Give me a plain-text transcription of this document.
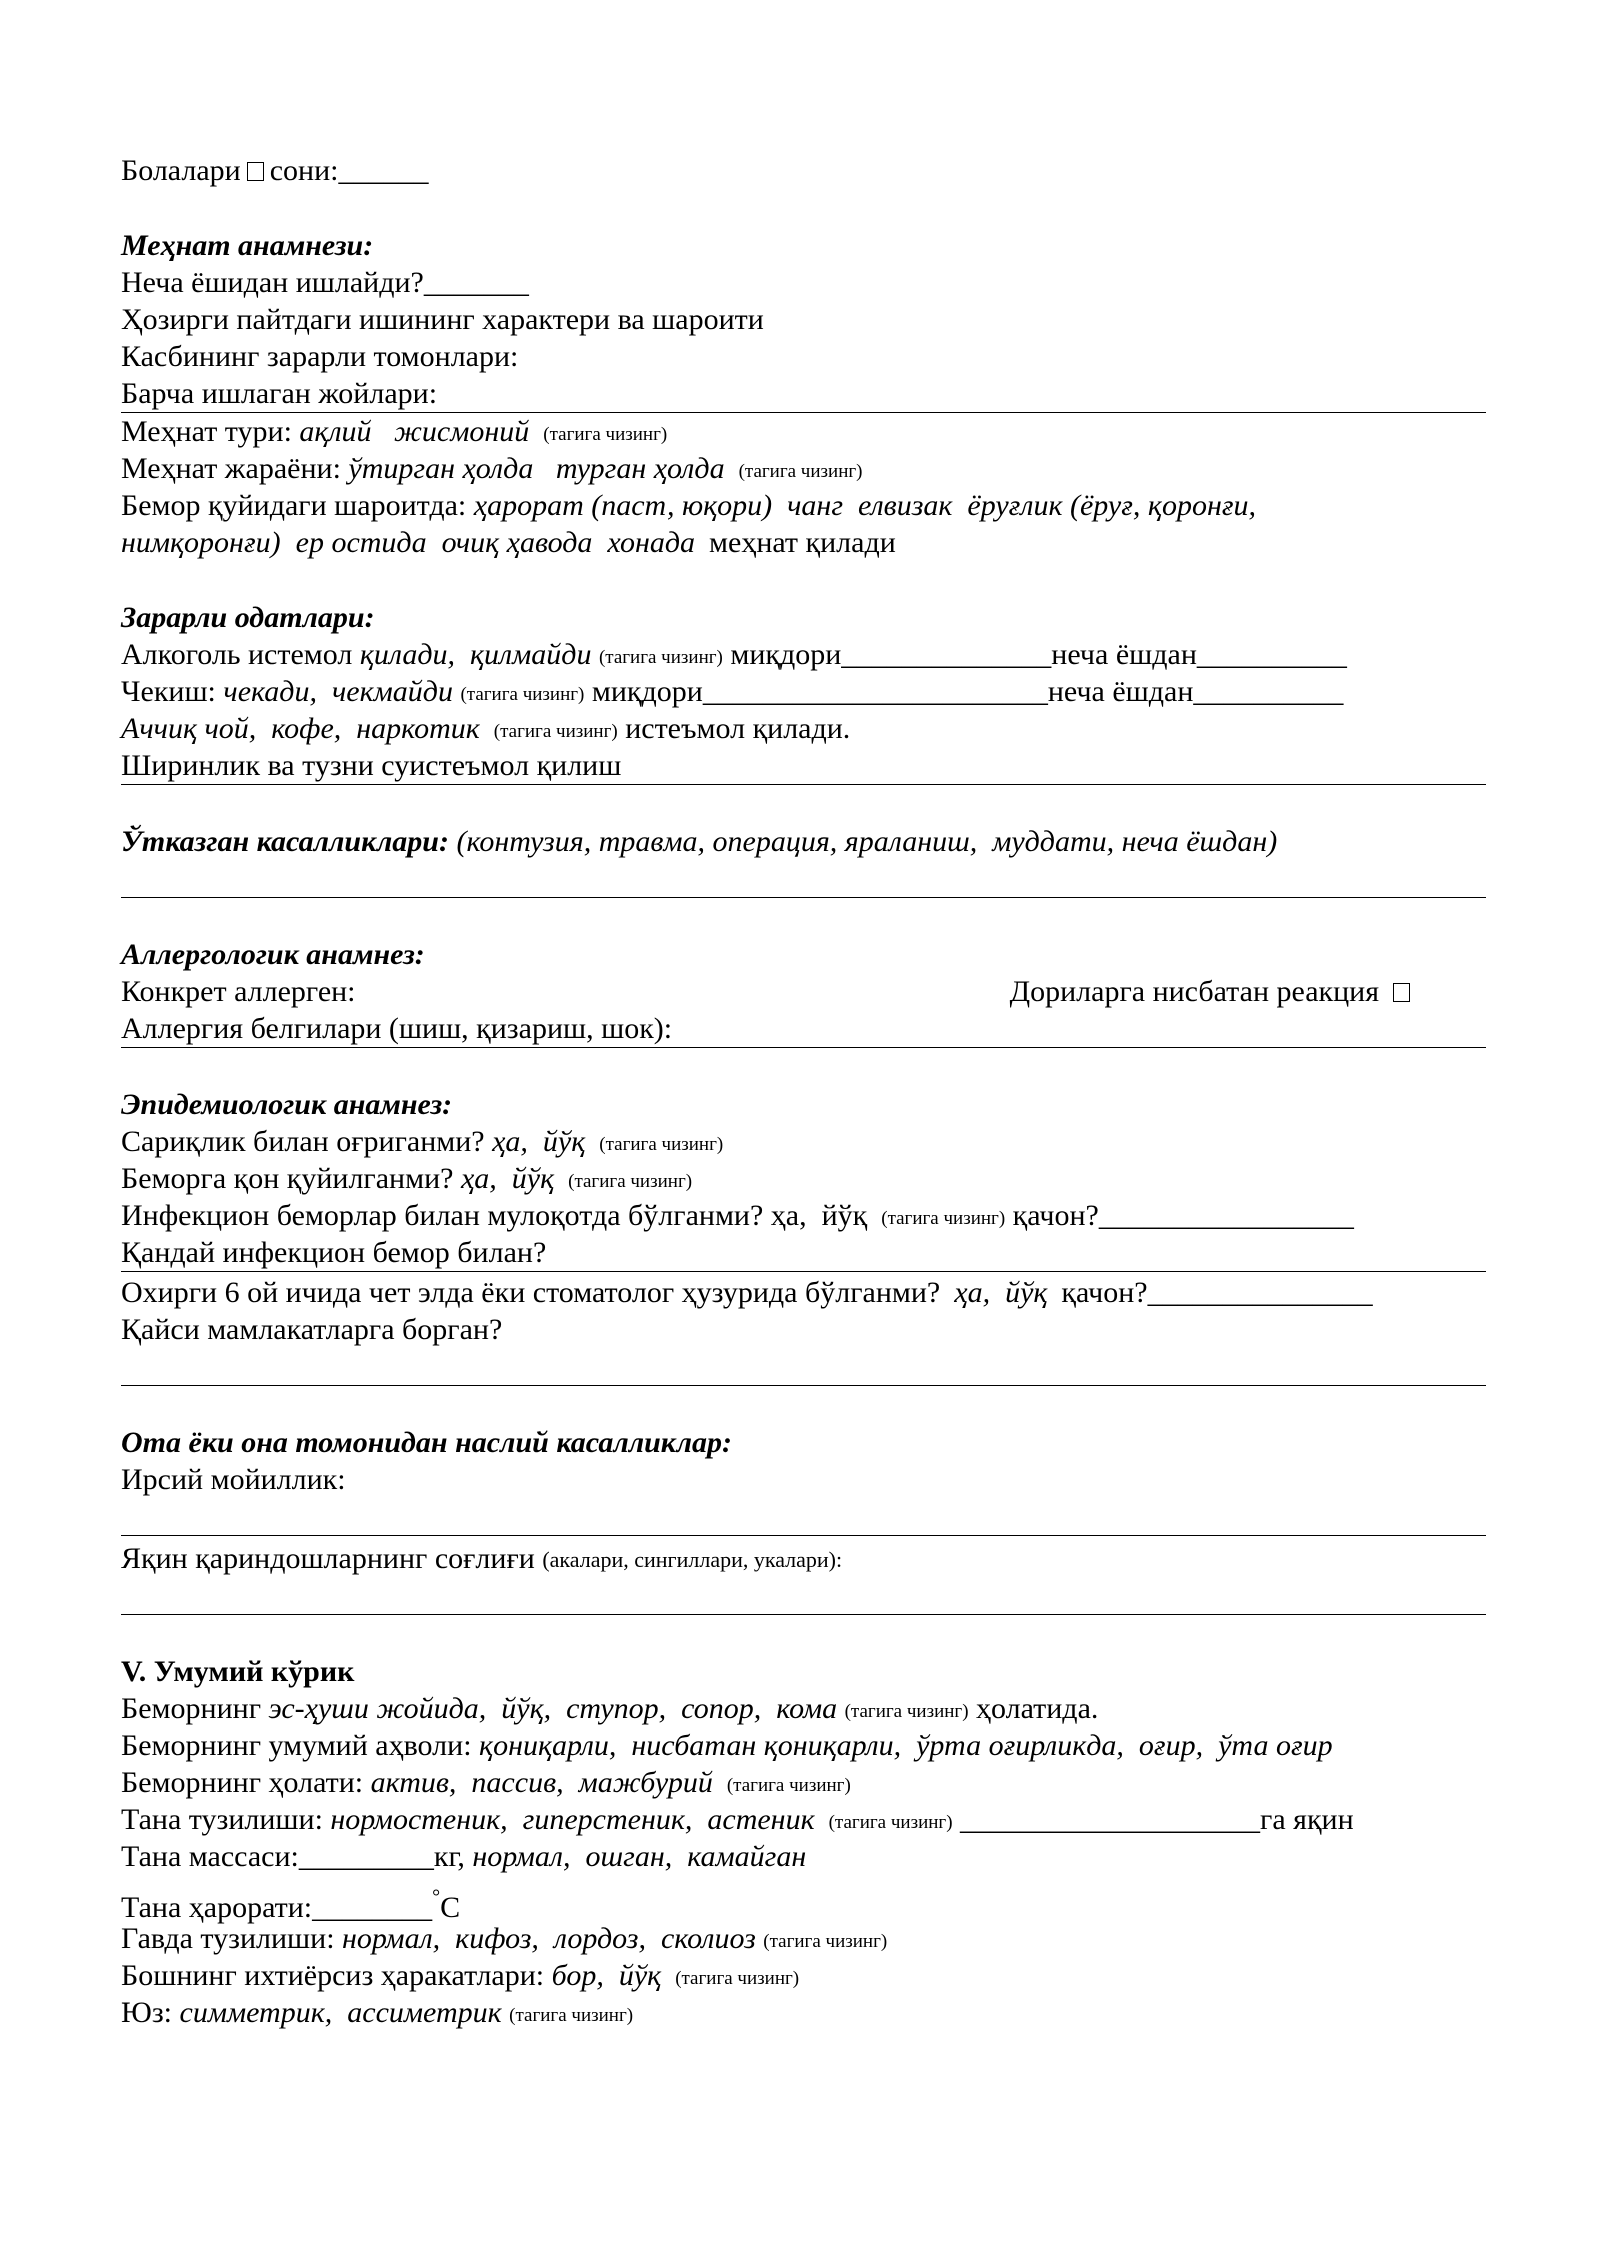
Болалари сони:______
Меҳнат анамнези:
Неча ёшидан ишлайди?_______
Ҳозирги пайтдаги ишининг характери ва шароити
Касбининг зарарли томонлари:
Барча ишлаган жойлари:
Меҳнат тури: ақлий   жисмоний (тагига чизинг)
Меҳнат жараёни: ўтирган ҳолда   турган ҳолда (тагига чизинг)
Бемор қуйидаги шароитда: ҳарорат (паст, юқори)  чанг  елвизак  ёруғлик (ёруғ, қоронғи,
нимқоронғи)  ер остида  очиқ ҳавода  хонада меҳнат қилади
Зарарли одатлари:
Алкоголь истемол қилади,  қилмайди (тагига чизинг) миқдори______________неча ёшдан__________
Чекиш: чекади,  чекмайди (тагига чизинг) миқдори_______________________неча ёшдан__________
Аччиқ чой,  кофе,  наркотик (тагига чизинг) истеъмол қилади.
Ширинлик ва тузни суистеъмол қилиш
Ўтказган касалликлари: (контузия, травма, операция, яраланиш,  муддати, неча ёшдан)
Аллергологик анамнез:
Конкрет аллерген:	Дориларга нисбатан реакция
Аллергия белгилари (шиш, қизариш, шок):
Эпидемиологик анамнез:
Сариқлик билан оғриганми? ҳа,  йўқ (тагига чизинг)
Беморга қон қуйилганми? ҳа,  йўқ (тагига чизинг)
Инфекцион беморлар билан мулоқотда бўлганми? ҳа,  йўқ (тагига чизинг) қачон?_________________
Қандай инфекцион бемор билан?
Охирги 6 ой ичида чет элда ёки стоматолог ҳузурида бўлганми? ҳа,  йўқ қачон?_______________
Қайси мамлакатларга борган?
Ота ёки она томонидан наслий касалликлар:
Ирсий мойиллик:
Яқин қариндошларнинг соғлиғи (акалари, сингиллари, укалари):
V. Умумий кўрик
Беморнинг эс-ҳуши жойида,  йўқ,  ступор,  сопор,  кома (тагига чизинг) ҳолатида.
Беморнинг умумий аҳволи: қониқарли,  нисбатан қониқарли,  ўрта оғирликда,  оғир,  ўта оғир
Беморнинг ҳолати: актив,  пассив,  мажбурий (тагига чизинг)
Тана тузилиши: нормостеник,  гиперстеник,  астеник (тагига чизинг) ____________________га яқин
Тана массаси:_________кг, нормал,  ошган,  камайган
Тана ҳарорати:________°С
Гавда тузилиши: нормал,  кифоз,  лордоз,  сколиоз (тагига чизинг)
Бошнинг ихтиёрсиз ҳаракатлари: бор,  йўқ (тагига чизинг)
Юз: симметрик,  ассиметрик (тагига чизинг)
